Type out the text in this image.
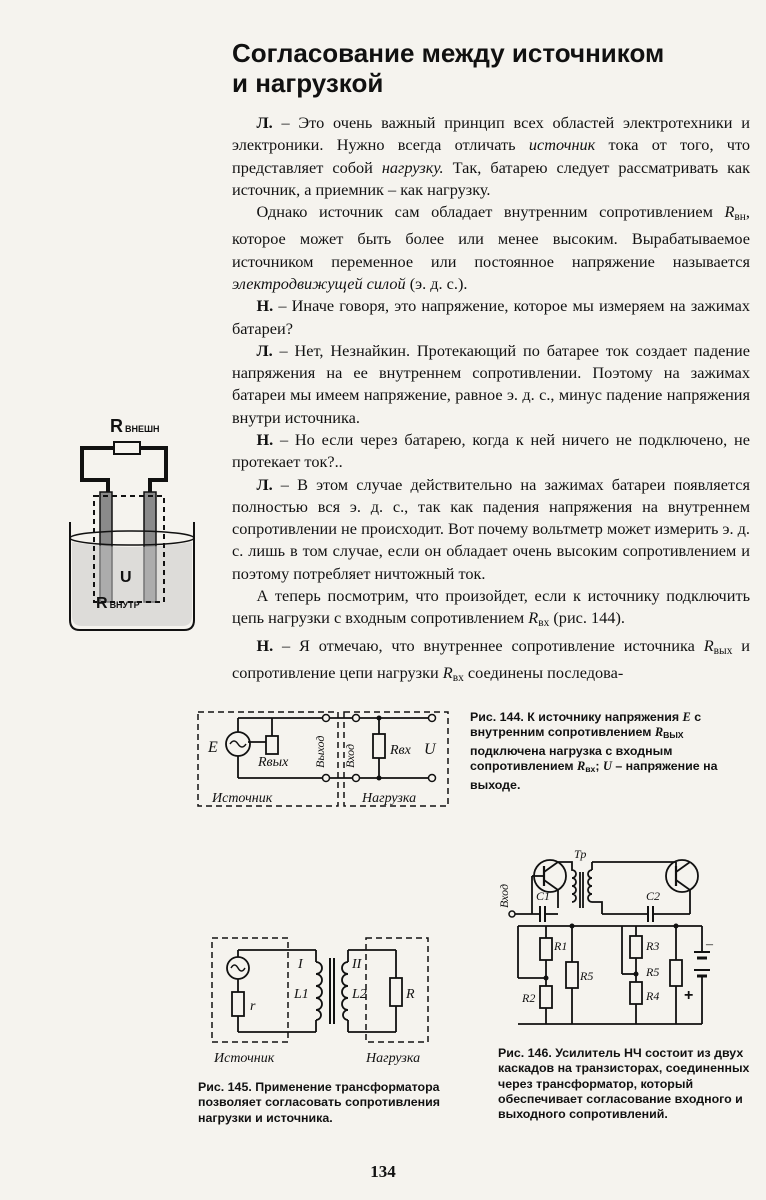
Согласование между источником
и нагрузкой

Л. – Это очень важный принцип всех областей электротехники и электроники. Нужно всегда отличать источник тока от того, что представляет собой нагрузку. Так, батарею следует рассматривать как источник, а приемник – как нагрузку.

Однако источник сам обладает внутренним сопротивлением $R_{вн}$, которое может быть более или менее высоким. Вырабатываемое источником переменное или постоянное напряжение называется электродвижущей силой (э. д. с.).

Н. – Иначе говоря, это напряжение, которое мы измеряем на зажимах батареи?

Л. – Нет, Незнайкин. Протекающий по батарее ток создает падение напряжения на ее внутреннем сопротивлении. Поэтому на зажимах батареи мы имеем напряжение, равное э. д. с., минус падение напряжения внутри источника.

Н. – Но если через батарею, когда к ней ничего не подключено, не протекает ток?..

Л. – В этом случае действительно на зажимах батареи появляется полностью вся э. д. с., так как падения напряжения на внутреннем сопротивлении не происходит. Вот почему вольтметр может измерить э. д. с. лишь в том случае, если он обладает очень высоким сопротивлением и поэтому потребляет ничтожный ток.

А теперь посмотрим, что произойдет, если к источнику подключить цепь нагрузки с входным сопротивлением $R_{вх}$ (рис. 144).

Н. – Я отмечаю, что внутреннее сопротивление источника $R_{вых}$ и сопротивление цепи нагрузки $R_{вх}$ соединены последова-

RВНЕШН
U
RВНУТР
E
Rвых Выход Вход Rвх U
Источник	Нагрузка

Рис. 144. К источнику напряжения E с внутренним сопротивлением $R_{ВЫХ}$ подключена нагрузка с входным сопротивлением $R_{вх}$; U – напряжение на выходе.

r
I
L1
II
L2	R
Источник	Нагрузка

Рис. 145. Применение трансформатора позволяет согласовать сопротивления нагрузки и источника.

Вход C1
Тр
C2
R1
R2
R5
R3
R5
R4
–
+

Рис. 146. Усилитель НЧ состоит из двух каскадов на транзисторах, соединенных через трансформатор, который обеспечивает согласование входного и выходного сопротивлений.

134
